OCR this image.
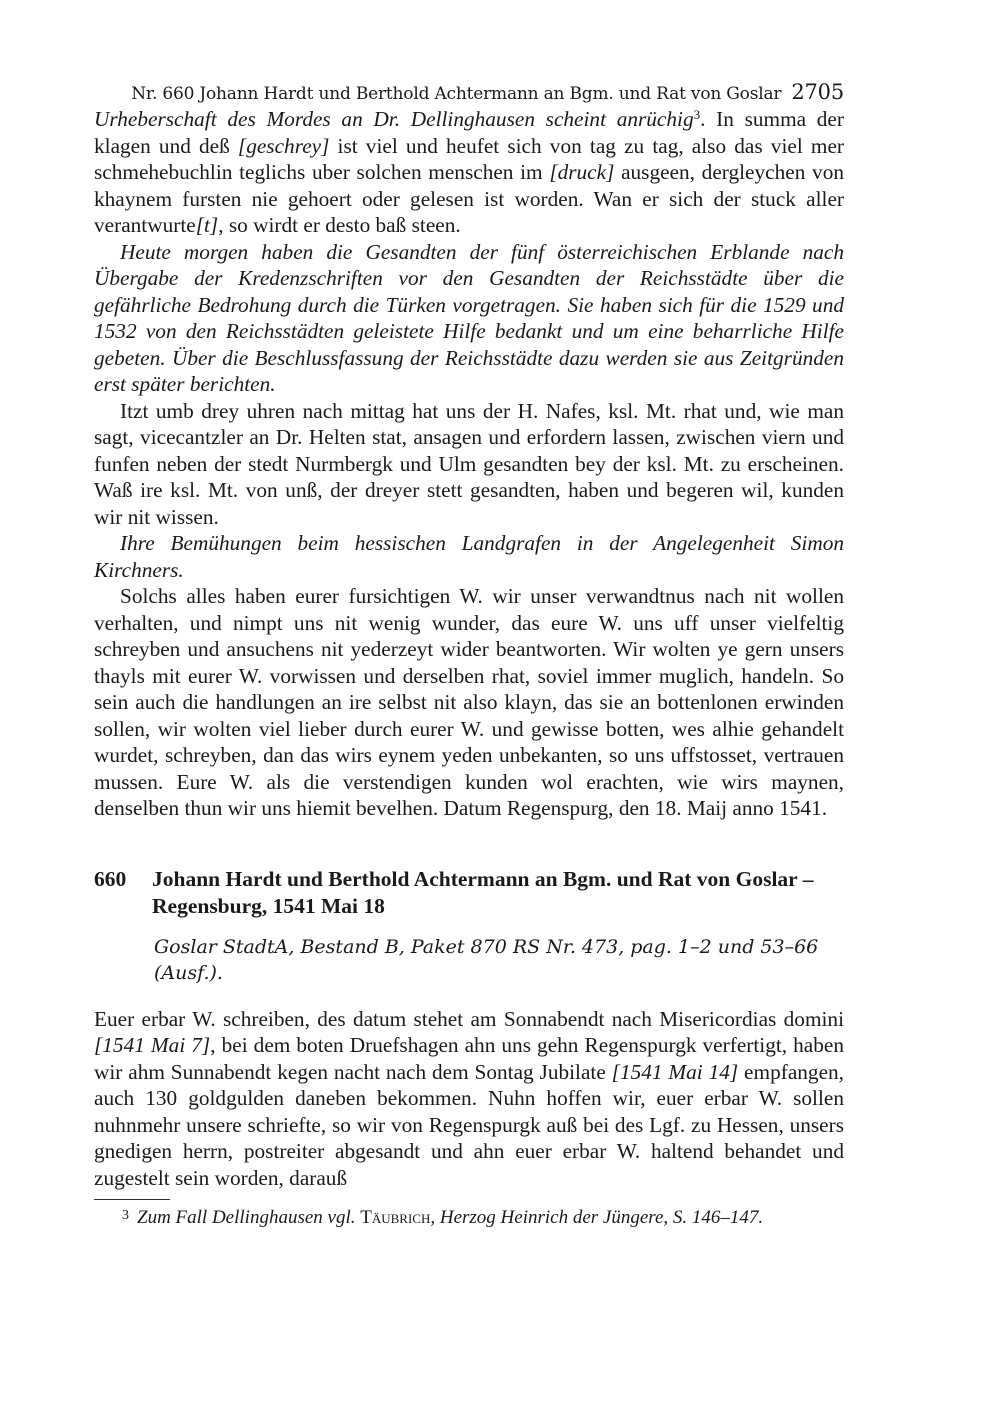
Nr. 660 Johann Hardt und Berthold Achtermann an Bgm. und Rat von Goslar 2705

Urheberschaft des Mordes an Dr. Dellinghausen scheint anrüchig$^3$. In summa der klagen und deß [geschrey] ist viel und heufet sich von tag zu tag, also das viel mer schmehebuchlin teglichs uber solchen menschen im [druck] ausgeen, dergleychen von khaynem fursten nie gehoert oder gelesen ist worden. Wan er sich der stuck aller verantwurte[t], so wirdt er desto baß steen.

Heute morgen haben die Gesandten der fünf österreichischen Erblande nach Übergabe der Kredenzschriften vor den Gesandten der Reichsstädte über die gefährliche Bedrohung durch die Türken vorgetragen. Sie haben sich für die 1529 und 1532 von den Reichsstädten geleistete Hilfe bedankt und um eine beharrliche Hilfe gebeten. Über die Beschlussfassung der Reichsstädte dazu werden sie aus Zeitgründen erst später berichten.

Itzt umb drey uhren nach mittag hat uns der H. Nafes, ksl. Mt. rhat und, wie man sagt, vicecantzler an Dr. Helten stat, ansagen und erfordern lassen, zwischen viern und funfen neben der stedt Nurmbergk und Ulm gesandten bey der ksl. Mt. zu erscheinen. Waß ire ksl. Mt. von unß, der dreyer stett gesandten, haben und begeren wil, kunden wir nit wissen.

Ihre Bemühungen beim hessischen Landgrafen in der Angelegenheit Simon Kirchners.

Solchs alles haben eurer fursichtigen W. wir unser verwandtnus nach nit wollen verhalten, und nimpt uns nit wenig wunder, das eure W. uns uff unser vielfeltig schreyben und ansuchens nit yederzeyt wider beantworten. Wir wolten ye gern unsers thayls mit eurer W. vorwissen und derselben rhat, soviel immer muglich, handeln. So sein auch die handlungen an ire selbst nit also klayn, das sie an bottenlonen erwinden sollen, wir wolten viel lieber durch eurer W. und gewisse botten, wes alhie gehandelt wurdet, schreyben, dan das wirs eynem yeden unbekanten, so uns uffstosset, vertrauen mussen. Eure W. als die verstendigen kunden wol erachten, wie wirs maynen, denselben thun wir uns hiemit bevelhen. Datum Regenspurg, den 18. Maij anno 1541.

660	Johann Hardt und Berthold Achtermann an Bgm. und Rat von Goslar – Regensburg, 1541 Mai 18
Goslar StadtA, Bestand B, Paket 870 RS Nr. 473, pag. 1–2 und 53–66 (Ausf.).

Euer erbar W. schreiben, des datum stehet am Sonnabendt nach Misericordias domini [1541 Mai 7], bei dem boten Druefshagen ahn uns gehn Regenspurgk verfertigt, haben wir ahm Sunnabendt kegen nacht nach dem Sontag Jubilate [1541 Mai 14] empfangen, auch 130 goldgulden daneben bekommen. Nuhn hoffen wir, euer erbar W. sollen nuhnmehr unsere schriefte, so wir von Regenspurgk auß bei des Lgf. zu Hessen, unsers gnedigen herrn, postreiter abgesandt und ahn euer erbar W. haltend behandet und zugestelt sein worden, darauß

$^3$ Zum Fall Dellinghausen vgl. Täubrich, Herzog Heinrich der Jüngere, S. 146–147.
